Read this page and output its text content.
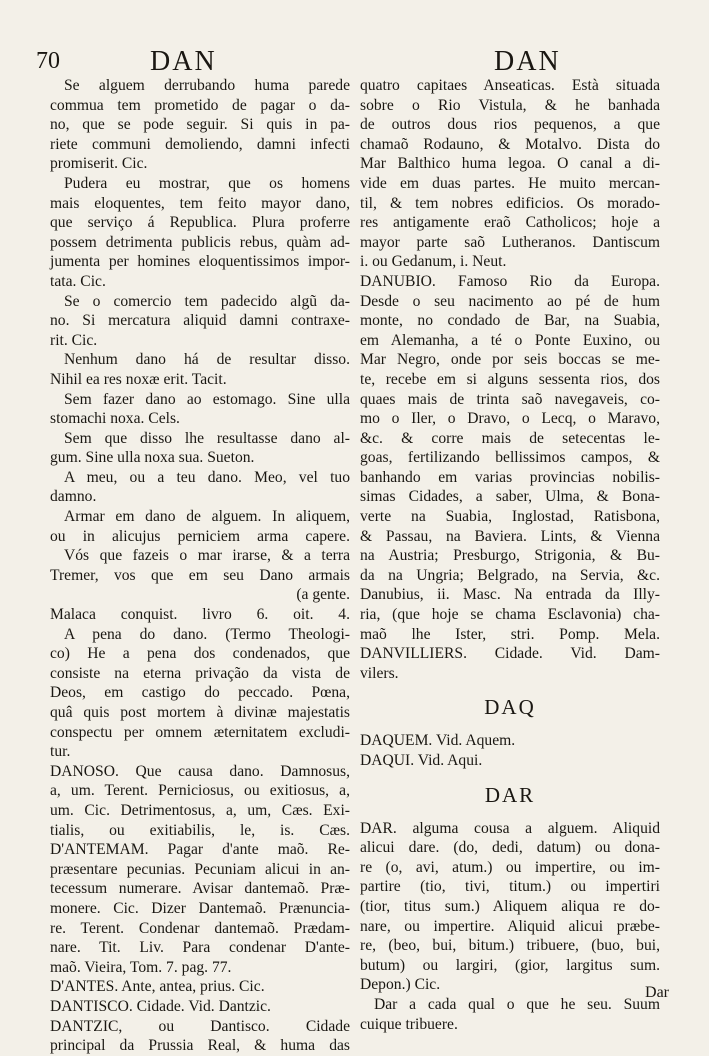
70	DAN	DAN
Se alguem derrubando huma parede
commua tem prometido de pagar o da-
no, que se pode seguir. Si quis in pa-
riete communi demoliendo, damni infecti
promiserit. Cic.
Pudera eu mostrar, que os homens
mais eloquentes, tem feito mayor dano,
que serviço á Republica. Plura proferre
possem detrimenta publicis rebus, quàm ad-
jumenta per homines eloquentissimos impor-
tata. Cic.
Se o comercio tem padecido algũ da-
no. Si mercatura aliquid damni contraxe-
rit. Cic.
Nenhum dano há de resultar disso.
Nihil ea res noxæ erit. Tacit.
Sem fazer dano ao estomago. Sine ulla
stomachi noxa. Cels.
Sem que disso lhe resultasse dano al-
gum. Sine ulla noxa sua. Sueton.
A meu, ou a teu dano. Meo, vel tuo
damno.
Armar em dano de alguem. In aliquem,
ou in alicujus perniciem arma capere.
Vós que fazeis o mar irarse, & a terra
Tremer, vos que em seu Dano armais
(a gente.
Malaca conquist. livro 6. oit. 4.
A pena do dano. (Termo Theologi-
co) He a pena dos condenados, que
consiste na eterna privação da vista de
Deos, em castigo do peccado. Pœna,
quâ quis post mortem à divinæ majestatis
conspectu per omnem æternitatem excludi-
tur.
DANOSO. Que causa dano. Damnosus,
a, um. Terent. Perniciosus, ou exitiosus, a,
um. Cic. Detrimentosus, a, um, Cæs. Exi-
tialis, ou exitiabilis, le, is. Cæs.
D'ANTEMAM. Pagar d'ante maõ. Re-
præsentare pecunias. Pecuniam alicui in an-
tecessum numerare. Avisar dantemaõ. Præ-
monere. Cic. Dizer Dantemaõ. Prænuncia-
re. Terent. Condenar dantemaõ. Prædam-
nare. Tit. Liv. Para condenar D'ante-
maõ. Vieira, Tom. 7. pag. 77.
D'ANTES. Ante, antea, prius. Cic.
DANTISCO. Cidade. Vid. Dantzic.
DANTZIC, ou Dantisco. Cidade
principal da Prussia Real, & huma das
quatro capitaes Anseaticas. Està situada
sobre o Rio Vistula, & he banhada
de outros dous rios pequenos, a que
chamaõ Rodauno, & Motalvo. Dista do
Mar Balthico huma legoa. O canal a di-
vide em duas partes. He muito mercan-
til, & tem nobres edificios. Os morado-
res antigamente eraõ Catholicos; hoje a
mayor parte saõ Lutheranos. Dantiscum
i. ou Gedanum, i. Neut.
DANUBIO. Famoso Rio da Europa.
Desde o seu nacimento ao pé de hum
monte, no condado de Bar, na Suabia,
em Alemanha, a té o Ponte Euxino, ou
Mar Negro, onde por seis boccas se me-
te, recebe em si alguns sessenta rios, dos
quaes mais de trinta saõ navegaveis, co-
mo o Iler, o Dravo, o Lecq, o Maravo,
&c. & corre mais de setecentas le-
goas, fertilizando bellissimos campos, &
banhando em varias provincias nobilis-
simas Cidades, a saber, Ulma, & Bona-
verte na Suabia, Inglostad, Ratisbona,
& Passau, na Baviera. Lints, & Vienna
na Austria; Presburgo, Strigonia, & Bu-
da na Ungria; Belgrado, na Servia, &c.
Danubius, ii. Masc. Na entrada da Illy-
ria, (que hoje se chama Esclavonia) cha-
maõ lhe Ister, stri. Pomp. Mela.
DANVILLIERS. Cidade. Vid. Dam-
vilers.
DAQ
DAQUEM. Vid. Aquem.
DAQUI. Vid. Aqui.
DAR
DAR. alguma cousa a alguem. Aliquid
alicui dare. (do, dedi, datum) ou dona-
re (o, avi, atum.) ou impertire, ou im-
partire (tio, tivi, titum.) ou impertiri
(tior, titus sum.) Aliquem aliqua re do-
nare, ou impertire. Aliquid alicui præbe-
re, (beo, bui, bitum.) tribuere, (buo, bui,
butum) ou largiri, (gior, largitus sum.
Depon.) Cic.
Dar a cada qual o que he seu. Suum
cuique tribuere.
Dar
